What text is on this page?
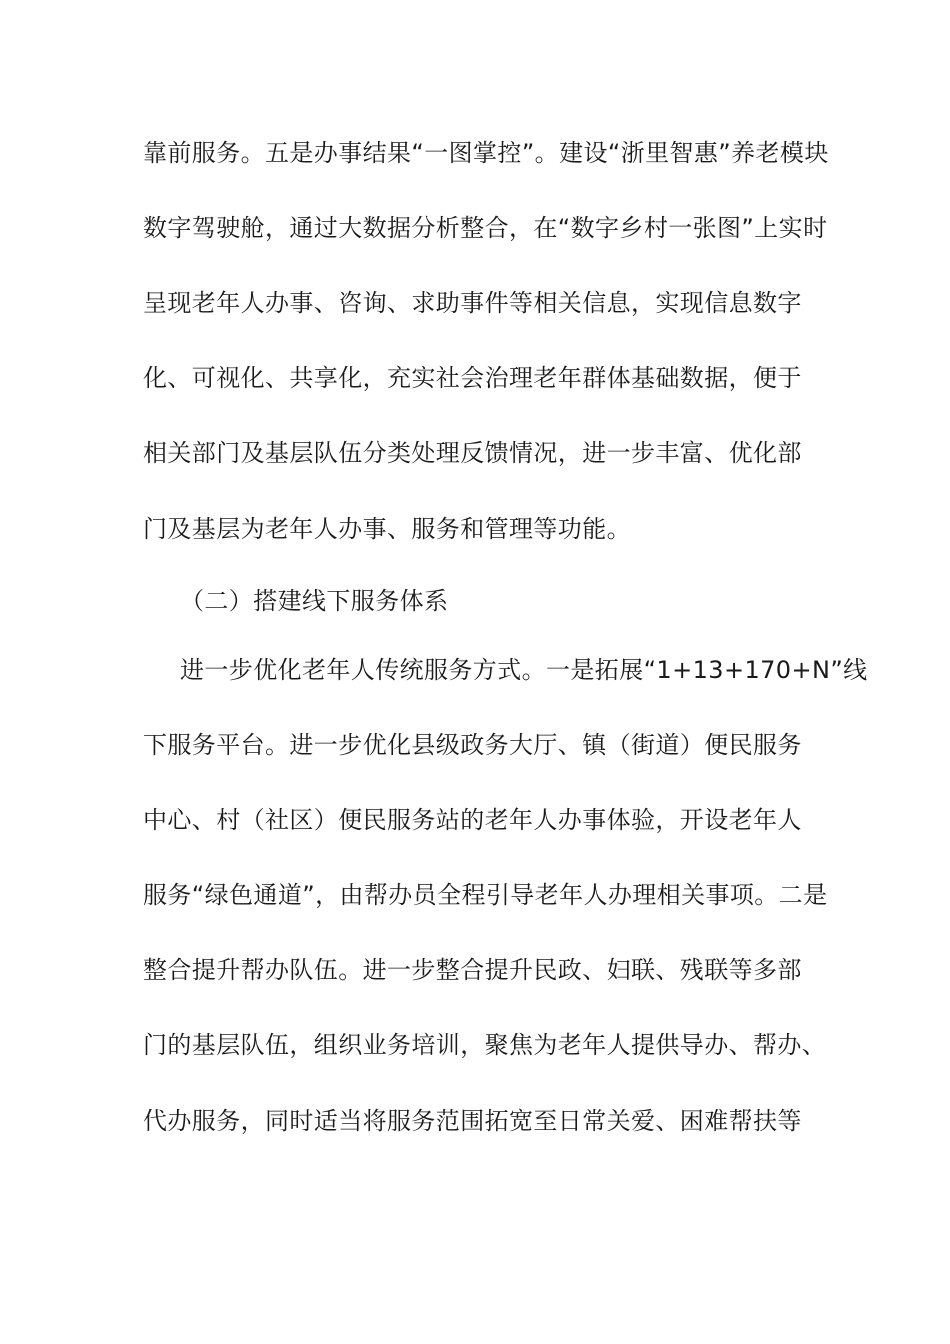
靠前服务。五是办事结果“一图掌控”。建设“浙里智惠”养老模块
数字驾驶舱，通过大数据分析整合，在“数字乡村一张图”上实时
呈现老年人办事、咨询、求助事件等相关信息，实现信息数字
化、可视化、共享化，充实社会治理老年群体基础数据，便于
相关部门及基层队伍分类处理反馈情况，进一步丰富、优化部
门及基层为老年人办事、服务和管理等功能。
（二）搭建线下服务体系
进一步优化老年人传统服务方式。一是拓展“1+13+170+N”线
下服务平台。进一步优化县级政务大厅、镇（街道）便民服务
中心、村（社区）便民服务站的老年人办事体验，开设老年人
服务“绿色通道”，由帮办员全程引导老年人办理相关事项。二是
整合提升帮办队伍。进一步整合提升民政、妇联、残联等多部
门的基层队伍，组织业务培训，聚焦为老年人提供导办、帮办、
代办服务，同时适当将服务范围拓宽至日常关爱、困难帮扶等
